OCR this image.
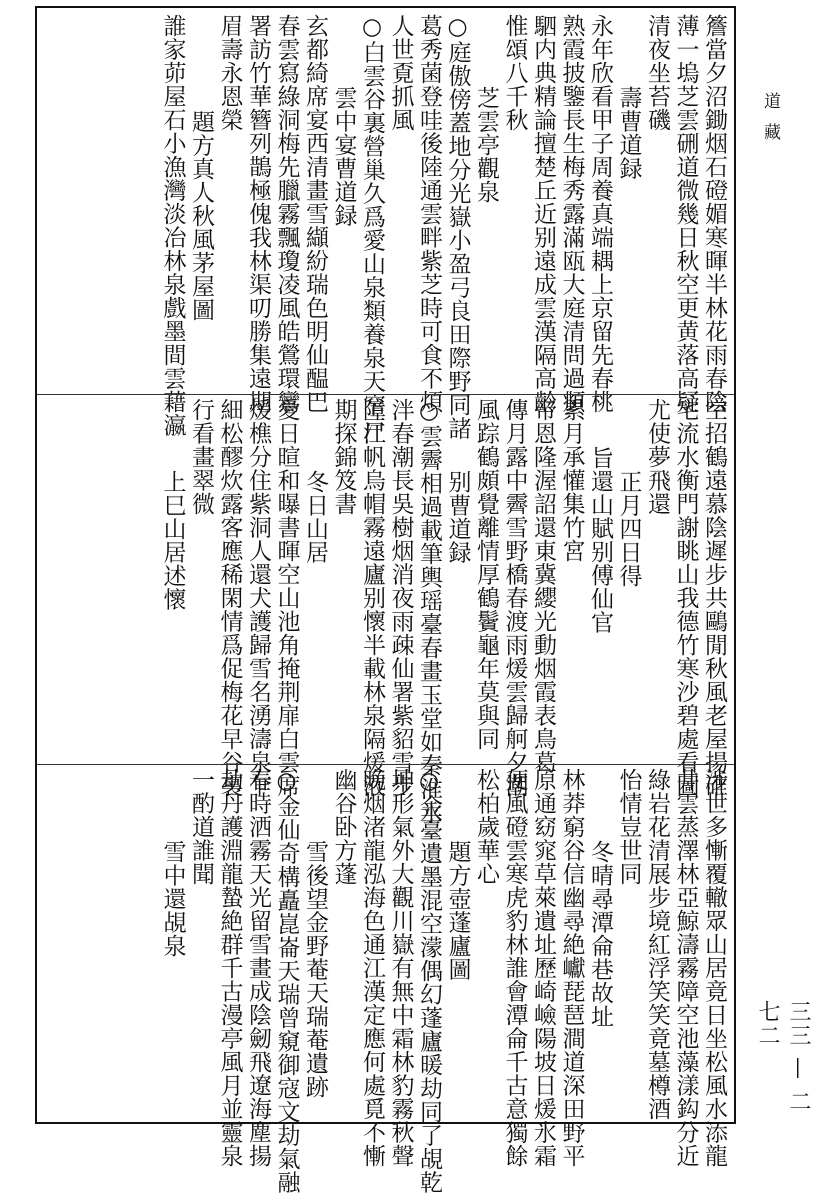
簷當夕沼鋤烟石磴媚寒暉半林花雨春陰
薄一塢芝雲硎道微幾日秋空更黄落高疑
清夜坐苔磯
壽曹道録
永年欣看甲子周養真端耦上京留先春桃
熟霞披鑒長生梅秀露滿瓯大庭清問過頫
駟内典精論擅楚丘近别遠成雲漢隔高齡
惟頌八千秋
芝雲亭觀泉
○庭傲傍蓋地分光嶽小盈弓良田際野同諸
葛秀菌登哇後陸通雲畔紫芝時可食不煩
人世覔抓風
○白雲谷裏營巢久爲愛山泉類養泉天窄戸
雲中宴曹道録
玄都綺席宴西清畫雪纈紛瑞色明仙醖巴
春雲寫綠洞梅先臘霧飄瓊凌風皓鶯環鸞
署訪竹華簪列鵲極傀我林渠叨勝集遠期
眉壽永恩榮
題方真人秋風茅屋圖
誰家茆屋石小漁灣淡冶林泉戲墨間雲藉瀛
空招鶴遠慕陰遲步共鷗閒秋風老屋揚碓
宅流水衡門謝眺山我德竹寒沙碧處看圖
尤使夢飛還
正月四日得
旨還山賦别傅仙官
累月承懽集竹宮
帝恩隆渥詔還東冀纓光動烟霞表鳥葛
傳月露中霽雪野橋春渡雨煖雲歸舸夕潮
風踪鶴頗覺離情厚鶴鬢龜年莫與同
别曹道録
○雲霽相過載筆輿瑶臺春畫玉堂如秦淮氷
泮春潮長吳樹烟消夜雨疎仙署紫貂雪步
障江帆烏帽霧遠廬别懷半載林泉隔煖液
期探錦笈書
冬日山居
愛日暄和曝書暉空山池角掩荆扉白雲席
煖樵分住紫洞人還犬護歸雪名湧濤泉乍
細松醪炊露客應稀閑情爲促梅花早谷裏
行看畫翠微
上巳山居述懷
涉世多慚覆轍眾山居竟日坐松風水添龍
井雲蒸澤林亞鯨濤霧障空池藻漾鈎分近
綠岩花清展步境紅浮笑笑竟墓樽酒
怡情豈世同
冬晴尋潭侖巷故址
林莽窮谷信幽尋絶巘琵琶澗道深田野平
原通窈窕草萊遺址歷崎嶮陽坡日煖氷霜
便風磴雲寒虎豹林誰會潭侖千古意獨餘
松柏歲華心
題方壺蓬廬圖
○金臺遺墨混空濛偶幻蓬廬暖劫同了覘乾
坤形氣外大觀川嶽有無中霜林豹霧秋聲
晚烟渚龍泓海色通江漢定應何處覓不慚
幽谷卧方蓬
雪後望金野菴天瑞菴遺跡
○金仙奇構矗崑崙天瑞曾窺御寇文劫氣融
春時洒霧天光留雪畫成陰劒飛遼海塵揚
劫丹護淵龍蟄絶群千古漫亭風月並靈泉
一酌道誰聞
雪中還覘泉
道藏
三三 — 二七二
